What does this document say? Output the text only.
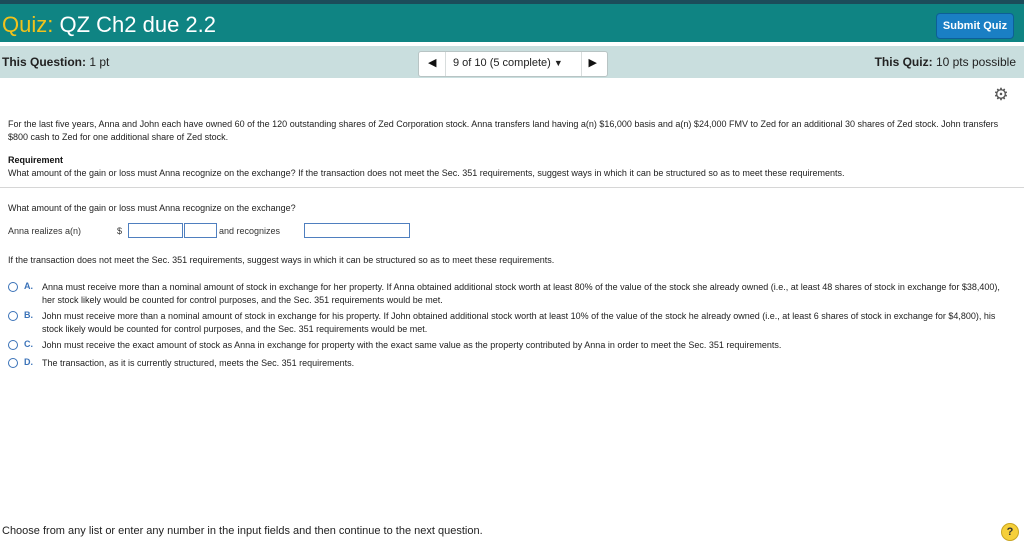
Quiz: QZ Ch2 due 2.2	Submit Quiz
This Question: 1 pt	This Quiz: 10 pts possible
◀ 9 of 10 (5 complete) ▼ ▶
⚙
For the last five years, Anna and John each have owned 60 of the 120 outstanding shares of Zed Corporation stock. Anna transfers land having a(n) $16,000 basis and a(n) $24,000 FMV to Zed for an additional 30 shares of Zed stock. John transfers $800 cash to Zed for one additional share of Zed stock.
Requirement
What amount of the gain or loss must Anna recognize on the exchange? If the transaction does not meet the Sec. 351 requirements, suggest ways in which it can be structured so as to meet these requirements.
What amount of the gain or loss must Anna recognize on the exchange?
Anna realizes a(n)	$	and recognizes
If the transaction does not meet the Sec. 351 requirements, suggest ways in which it can be structured so as to meet these requirements.
A. Anna must receive more than a nominal amount of stock in exchange for her property. If Anna obtained additional stock worth at least 80% of the value of the stock she already owned (i.e., at least 48 shares of stock in exchange for $38,400), her stock likely would be counted for control purposes, and the Sec. 351 requirements would be met.
B. John must receive more than a nominal amount of stock in exchange for his property. If John obtained additional stock worth at least 10% of the value of the stock he already owned (i.e., at least 6 shares of stock in exchange for $4,800), his stock likely would be counted for control purposes, and the Sec. 351 requirements would be met.
C. John must receive the exact amount of stock as Anna in exchange for property with the exact same value as the property contributed by Anna in order to meet the Sec. 351 requirements.
D. The transaction, as it is currently structured, meets the Sec. 351 requirements.
Choose from any list or enter any number in the input fields and then continue to the next question.	?
